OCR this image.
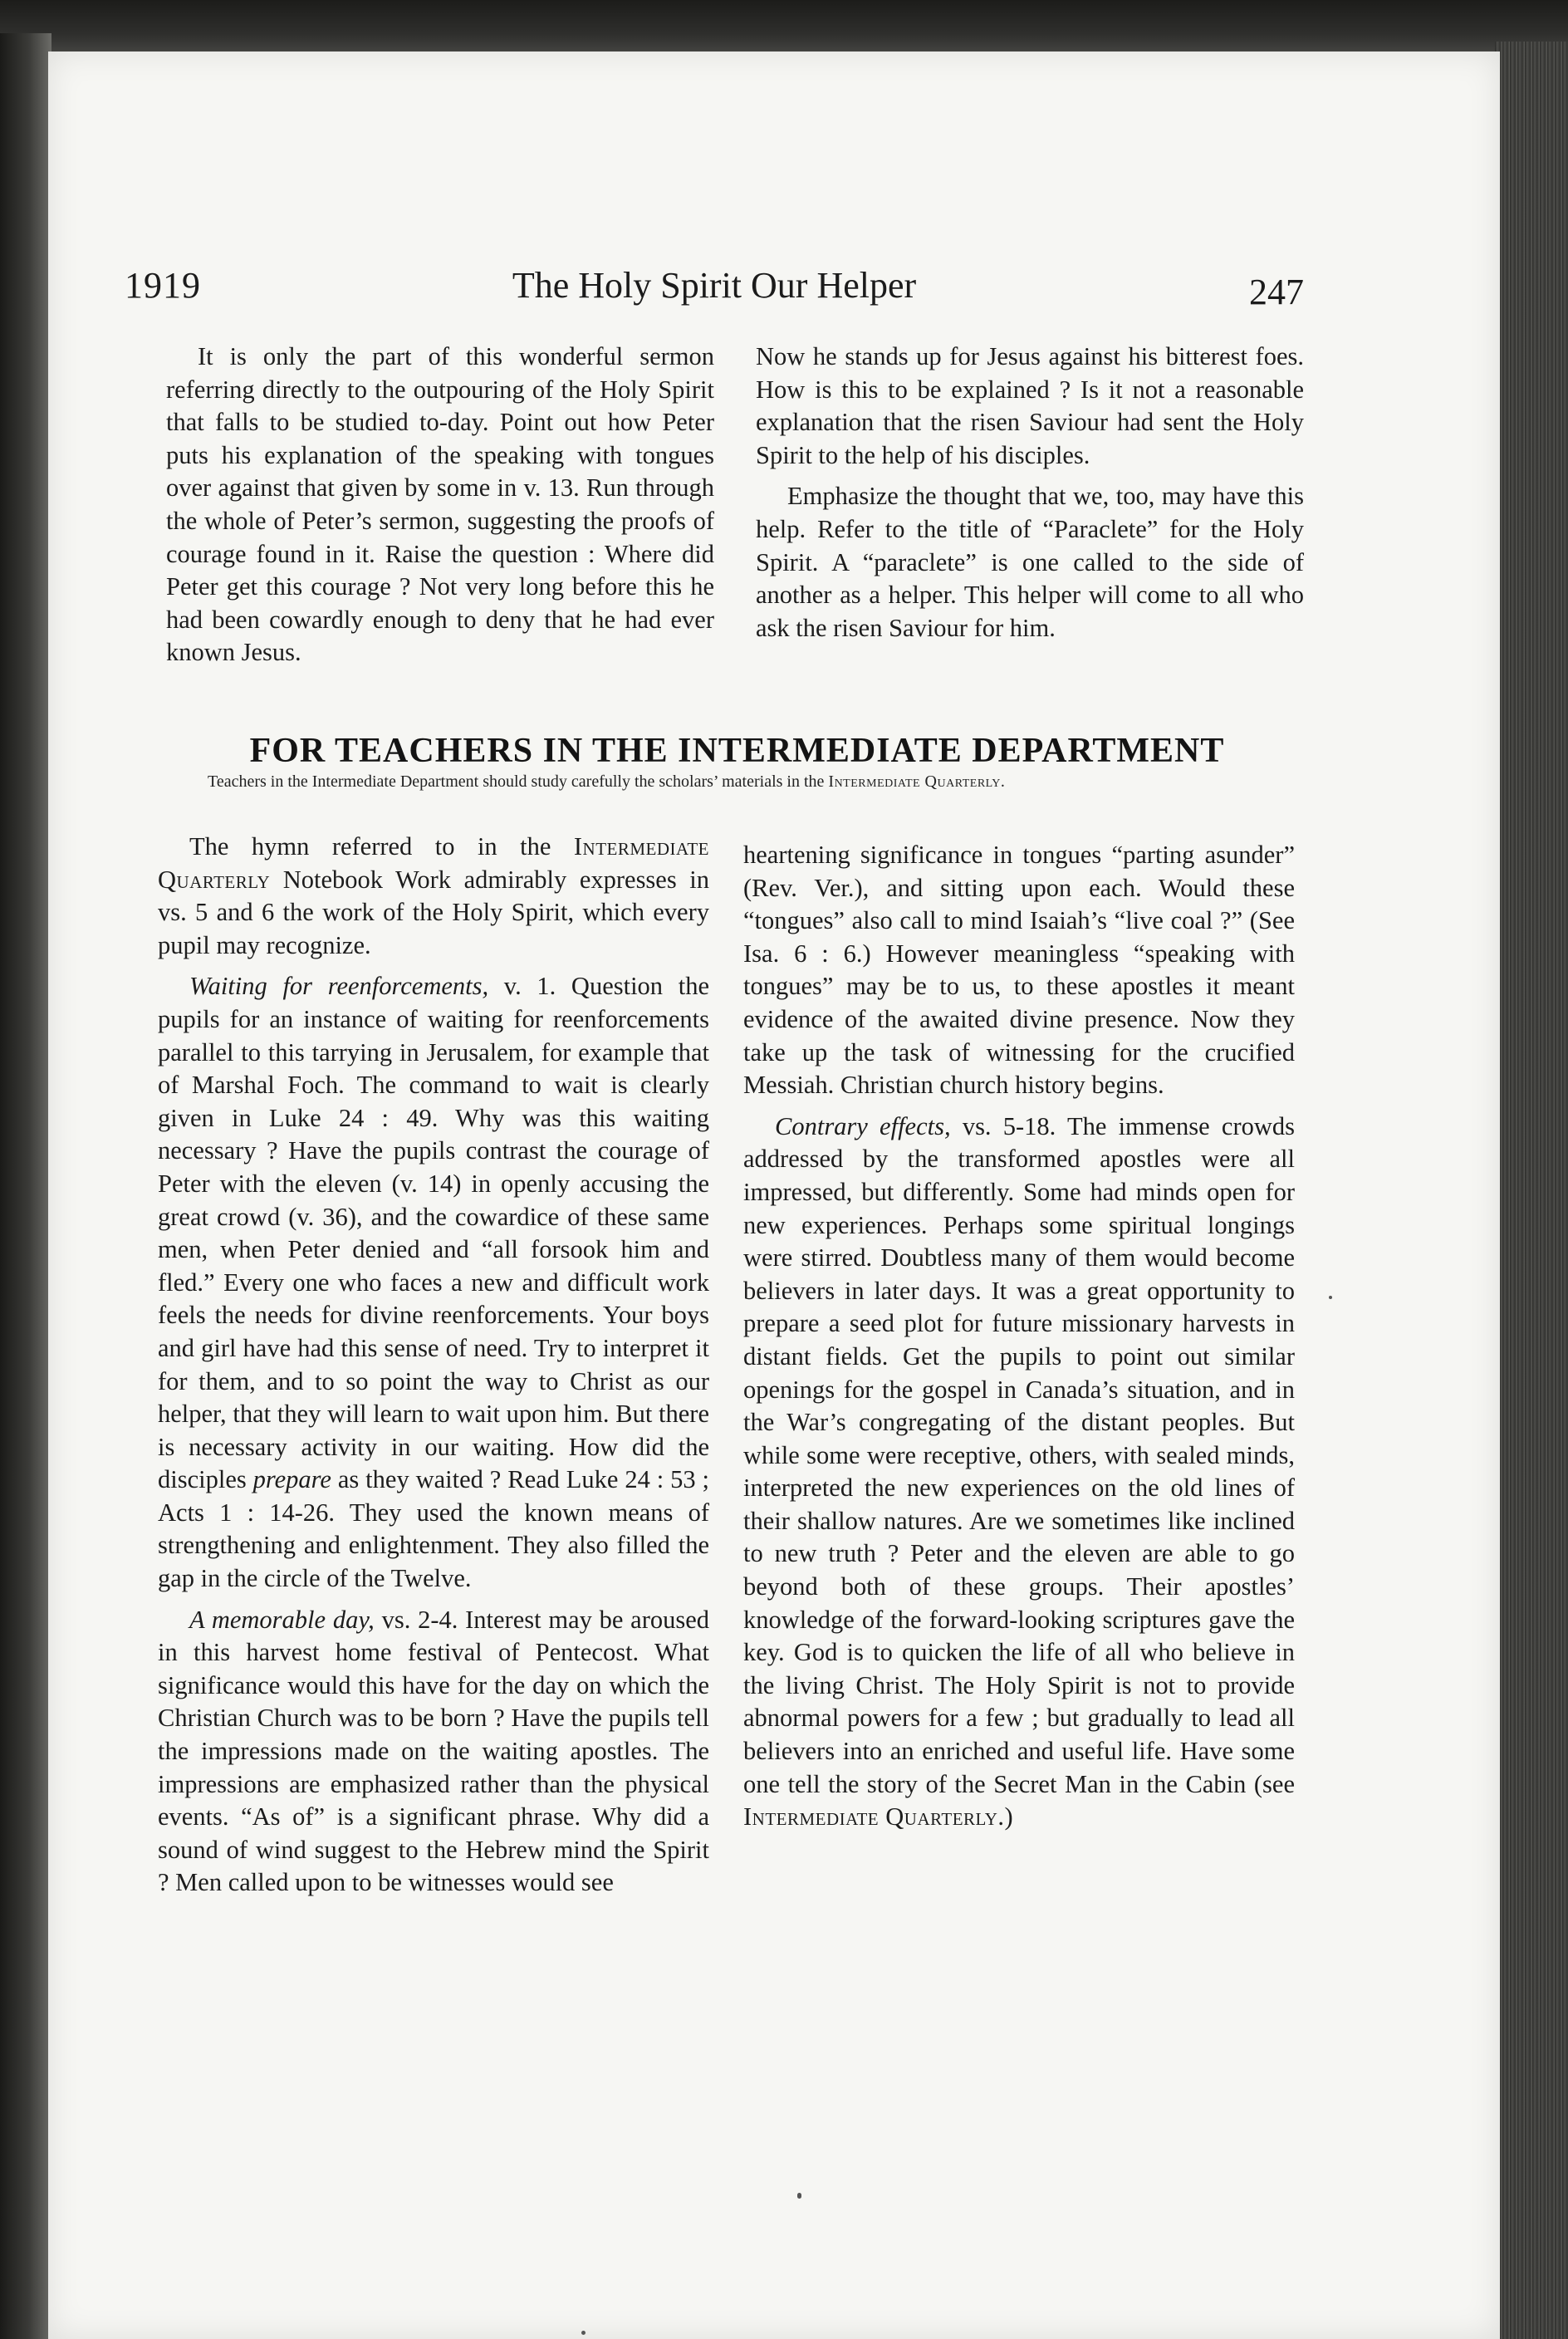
1919	The Holy Spirit Our Helper	247

It is only the part of this wonderful sermon referring directly to the outpouring of the Holy Spirit that falls to be studied to-day. Point out how Peter puts his explanation of the speaking with tongues over against that given by some in v. 13. Run through the whole of Peter’s sermon, suggesting the proofs of courage found in it. Raise the question : Where did Peter get this courage ? Not very long before this he had been cowardly enough to deny that he had ever known Jesus.

Now he stands up for Jesus against his bitterest foes. How is this to be explained ? Is it not a reasonable explanation that the risen Saviour had sent the Holy Spirit to the help of his disciples.

Emphasize the thought that we, too, may have this help. Refer to the title of “Paraclete” for the Holy Spirit. A “paraclete” is one called to the side of another as a helper. This helper will come to all who ask the risen Saviour for him.

FOR TEACHERS IN THE INTERMEDIATE DEPARTMENT

Teachers in the Intermediate Department should study carefully the scholars’ materials in the Intermediate Quarterly.

The hymn referred to in the Intermediate Quarterly Notebook Work admirably expresses in vs. 5 and 6 the work of the Holy Spirit, which every pupil may recognize.

Waiting for reenforcements, v. 1. Question the pupils for an instance of waiting for reenforcements parallel to this tarrying in Jerusalem, for example that of Marshal Foch. The command to wait is clearly given in Luke 24 : 49. Why was this waiting necessary ? Have the pupils contrast the courage of Peter with the eleven (v. 14) in openly accusing the great crowd (v. 36), and the cowardice of these same men, when Peter denied and “all forsook him and fled.” Every one who faces a new and difficult work feels the needs for divine reenforcements. Your boys and girl have had this sense of need. Try to interpret it for them, and to so point the way to Christ as our helper, that they will learn to wait upon him. But there is necessary activity in our waiting. How did the disciples prepare as they waited ? Read Luke 24 : 53 ; Acts 1 : 14-26. They used the known means of strengthening and enlightenment. They also filled the gap in the circle of the Twelve.

A memorable day, vs. 2-4. Interest may be aroused in this harvest home festival of Pentecost. What significance would this have for the day on which the Christian Church was to be born ? Have the pupils tell the impressions made on the waiting apostles. The impressions are emphasized rather than the physical events. “As of” is a significant phrase. Why did a sound of wind suggest to the Hebrew mind the Spirit ? Men called upon to be witnesses would see

heartening significance in tongues “parting asunder” (Rev. Ver.), and sitting upon each. Would these “tongues” also call to mind Isaiah’s “live coal ?” (See Isa. 6 : 6.) However meaningless “speaking with tongues” may be to us, to these apostles it meant evidence of the awaited divine presence. Now they take up the task of witnessing for the crucified Messiah. Christian church history begins.

Contrary effects, vs. 5-18. The immense crowds addressed by the transformed apostles were all impressed, but differently. Some had minds open for new experiences. Perhaps some spiritual longings were stirred. Doubtless many of them would become believers in later days. It was a great opportunity to prepare a seed plot for future missionary harvests in distant fields. Get the pupils to point out similar openings for the gospel in Canada’s situation, and in the War’s congregating of the distant peoples. But while some were receptive, others, with sealed minds, interpreted the new experiences on the old lines of their shallow natures. Are we sometimes like inclined to new truth ? Peter and the eleven are able to go beyond both of these groups. Their apostles’ knowledge of the forward-looking scriptures gave the key. God is to quicken the life of all who believe in the living Christ. The Holy Spirit is not to provide abnormal powers for a few ; but gradually to lead all believers into an enriched and useful life. Have some one tell the story of the Secret Man in the Cabin (see Intermediate Quarterly.)
